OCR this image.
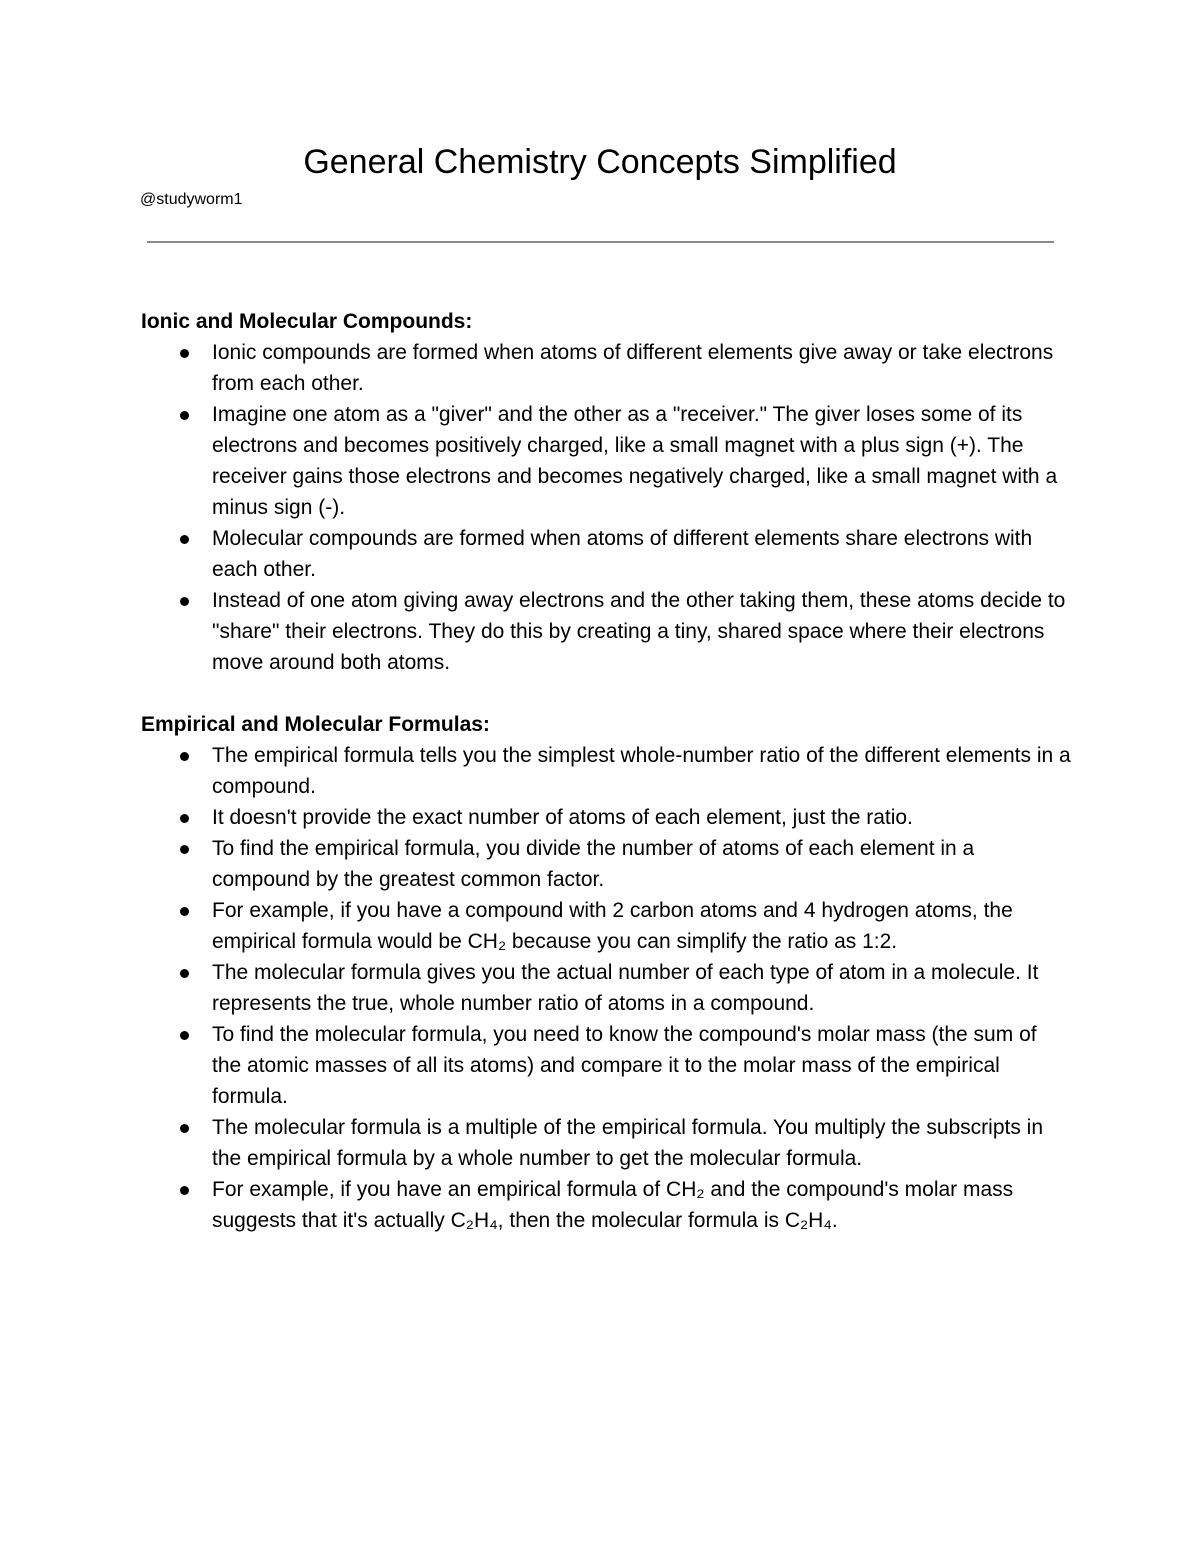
General Chemistry Concepts Simplified
@studyworm1
Ionic and Molecular Compounds:
Ionic compounds are formed when atoms of different elements give away or take electrons from each other.
Imagine one atom as a "giver" and the other as a "receiver." The giver loses some of its electrons and becomes positively charged, like a small magnet with a plus sign (+). The receiver gains those electrons and becomes negatively charged, like a small magnet with a minus sign (-).
Molecular compounds are formed when atoms of different elements share electrons with each other.
Instead of one atom giving away electrons and the other taking them, these atoms decide to "share" their electrons. They do this by creating a tiny, shared space where their electrons move around both atoms.
Empirical and Molecular Formulas:
The empirical formula tells you the simplest whole-number ratio of the different elements in a compound.
It doesn't provide the exact number of atoms of each element, just the ratio.
To find the empirical formula, you divide the number of atoms of each element in a compound by the greatest common factor.
For example, if you have a compound with 2 carbon atoms and 4 hydrogen atoms, the empirical formula would be CH₂ because you can simplify the ratio as 1:2.
The molecular formula gives you the actual number of each type of atom in a molecule. It represents the true, whole number ratio of atoms in a compound.
To find the molecular formula, you need to know the compound's molar mass (the sum of the atomic masses of all its atoms) and compare it to the molar mass of the empirical formula.
The molecular formula is a multiple of the empirical formula. You multiply the subscripts in the empirical formula by a whole number to get the molecular formula.
For example, if you have an empirical formula of CH₂ and the compound's molar mass suggests that it's actually C₂H₄, then the molecular formula is C₂H₄.
